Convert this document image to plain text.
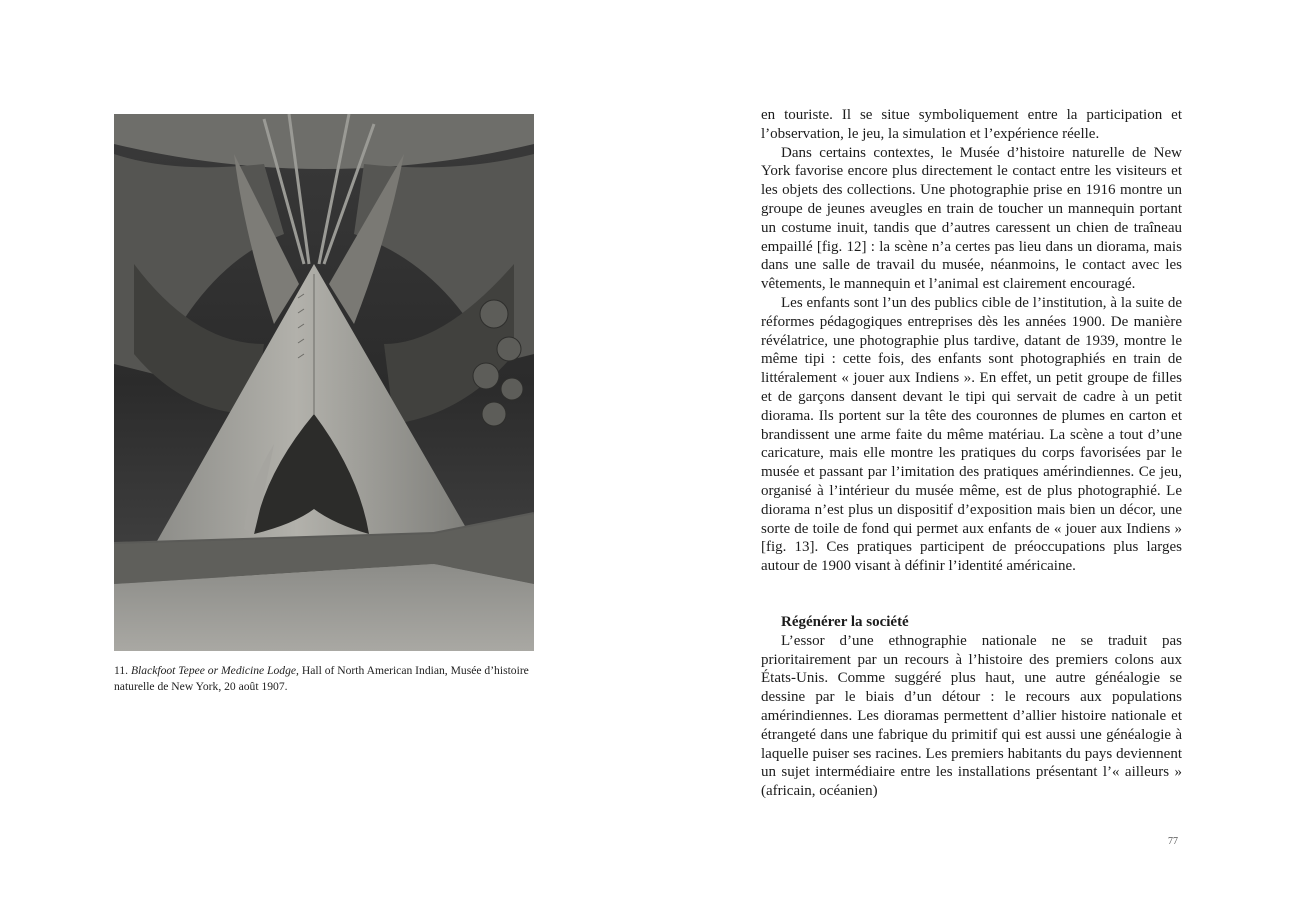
11. Blackfoot Tepee or Medicine Lodge, Hall of North American Indian, Musée d’histoire naturelle de New York, 20 août 1907.

en touriste. Il se situe symboliquement entre la participation et l’observation, le jeu, la simulation et l’expérience réelle.

Dans certains contextes, le Musée d’histoire naturelle de New York favorise encore plus directement le contact entre les visiteurs et les objets des collections. Une photographie prise en 1916 montre un groupe de jeunes aveugles en train de toucher un mannequin portant un costume inuit, tandis que d’autres caressent un chien de traîneau empaillé [fig. 12] : la scène n’a certes pas lieu dans un diorama, mais dans une salle de travail du musée, néanmoins, le contact avec les vêtements, le mannequin et l’animal est clairement encouragé.

Les enfants sont l’un des publics cible de l’institution, à la suite de réformes pédagogiques entreprises dès les années 1900. De manière révélatrice, une photographie plus tardive, datant de 1939, montre le même tipi : cette fois, des enfants sont photographiés en train de littéralement « jouer aux Indiens ». En effet, un petit groupe de filles et de garçons dansent devant le tipi qui servait de cadre à un petit diorama. Ils portent sur la tête des couronnes de plumes en carton et brandissent une arme faite du même matériau. La scène a tout d’une caricature, mais elle montre les pratiques du corps favorisées par le musée et passant par l’imitation des pratiques amérindiennes. Ce jeu, organisé à l’intérieur du musée même, est de plus photographié. Le diorama n’est plus un dispositif d’exposition mais bien un décor, une sorte de toile de fond qui permet aux enfants de « jouer aux Indiens » [fig. 13]. Ces pratiques participent de préoccupations plus larges autour de 1900 visant à définir l’identité américaine.

Régénérer la société

L’essor d’une ethnographie nationale ne se traduit pas prioritairement par un recours à l’histoire des premiers colons aux États-Unis. Comme suggéré plus haut, une autre généalogie se dessine par le biais d’un détour : le recours aux populations amérindiennes. Les dioramas permettent d’allier histoire nationale et étrangeté dans une fabrique du primitif qui est aussi une généalogie à laquelle puiser ses racines. Les premiers habitants du pays deviennent un sujet intermédiaire entre les installations présentant l’« ailleurs » (africain, océanien)

77
